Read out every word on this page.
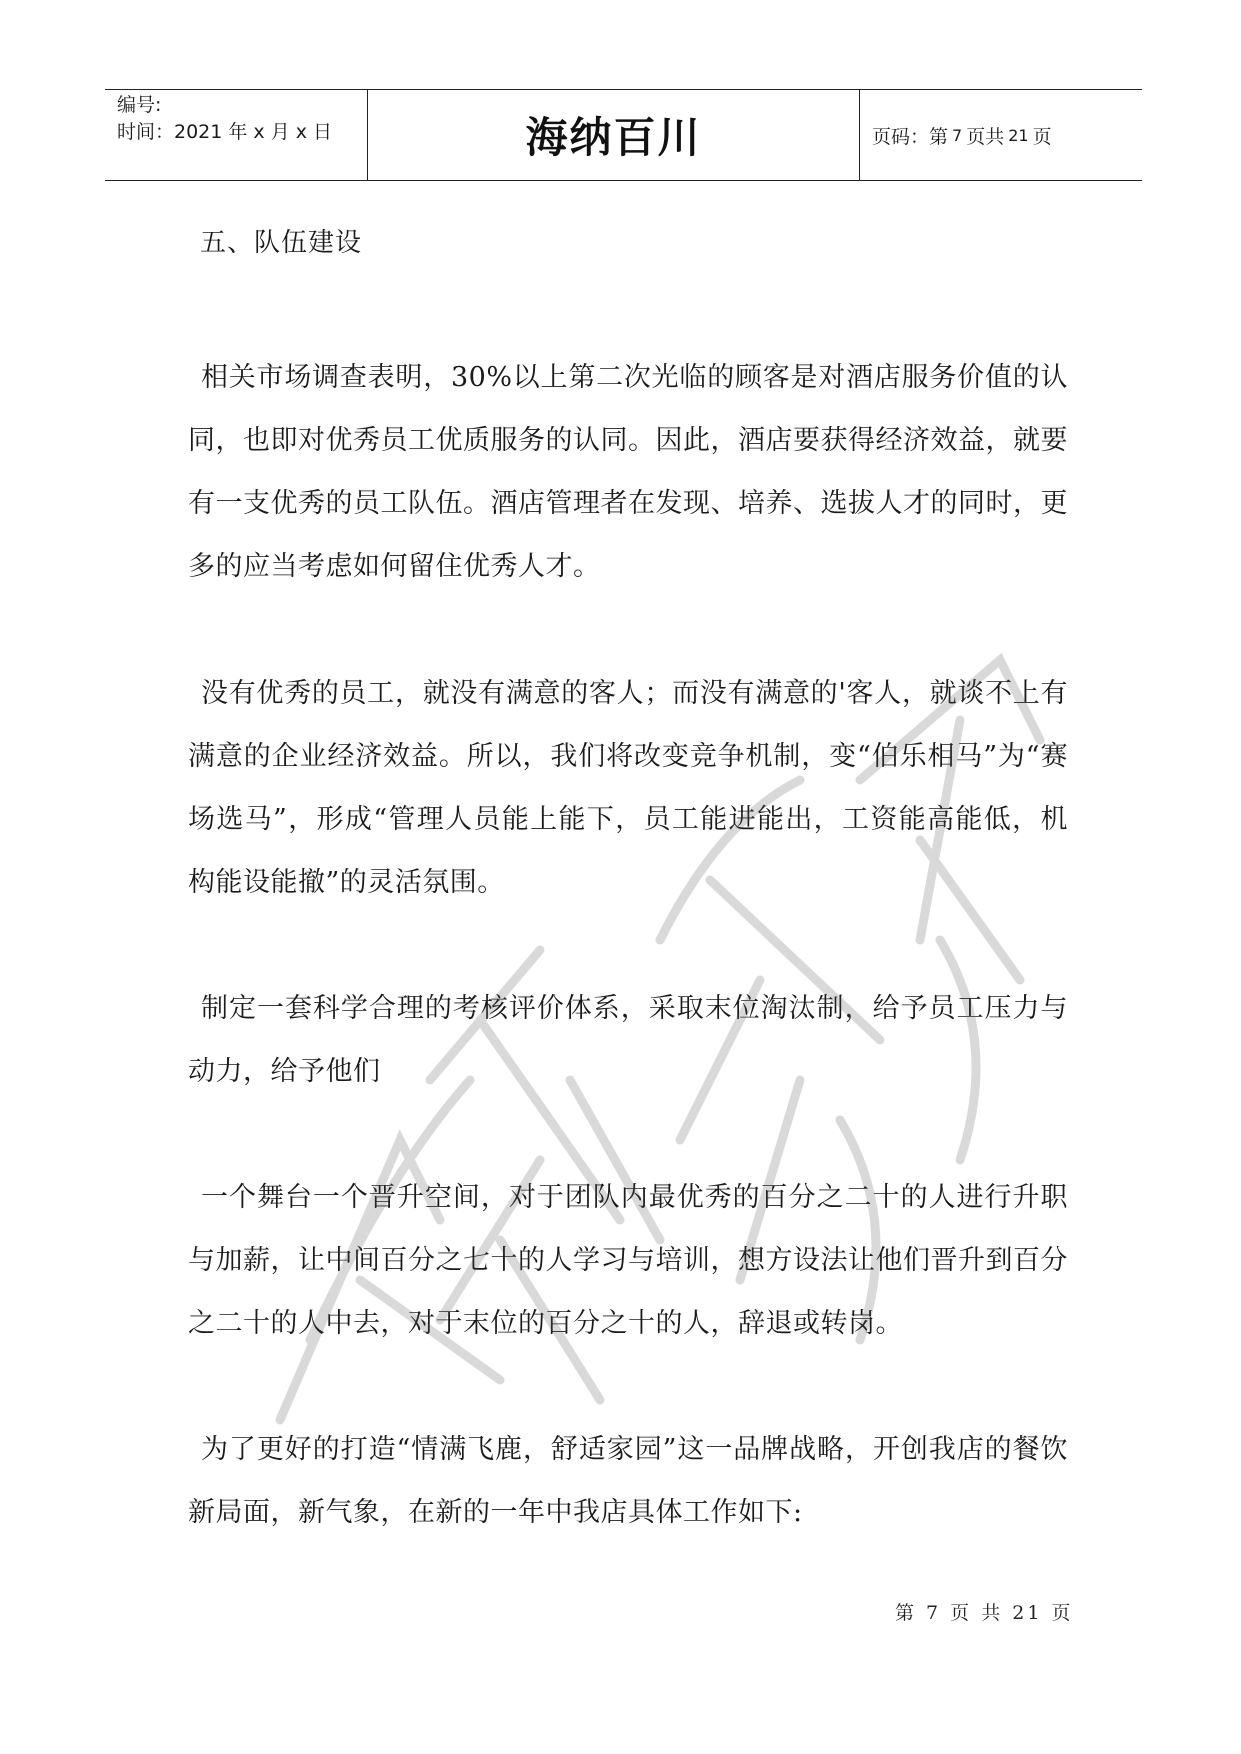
编号:
时间：2021 年 x 月 x 日	海纳百川	页码：第 7 页共 21 页
五、队伍建设
相关市场调查表明，30%以上第二次光临的顾客是对酒店服务价值的认同，也即对优秀员工优质服务的认同。因此，酒店要获得经济效益，就要有一支优秀的员工队伍。酒店管理者在发现、培养、选拔人才的同时，更多的应当考虑如何留住优秀人才。
没有优秀的员工，就没有满意的客人；而没有满意的'客人，就谈不上有满意的企业经济效益。所以，我们将改变竞争机制，变“伯乐相马”为“赛场选马”，形成“管理人员能上能下，员工能进能出，工资能高能低，机构能设能撤”的灵活氛围。
制定一套科学合理的考核评价体系，采取末位淘汰制，给予员工压力与动力，给予他们
一个舞台一个晋升空间，对于团队内最优秀的百分之二十的人进行升职与加薪，让中间百分之七十的人学习与培训，想方设法让他们晋升到百分之二十的人中去，对于末位的百分之十的人，辞退或转岗。
为了更好的打造“情满飞鹿，舒适家园”这一品牌战略，开创我店的餐饮新局面，新气象，在新的一年中我店具体工作如下:
第 7 页 共 21 页
